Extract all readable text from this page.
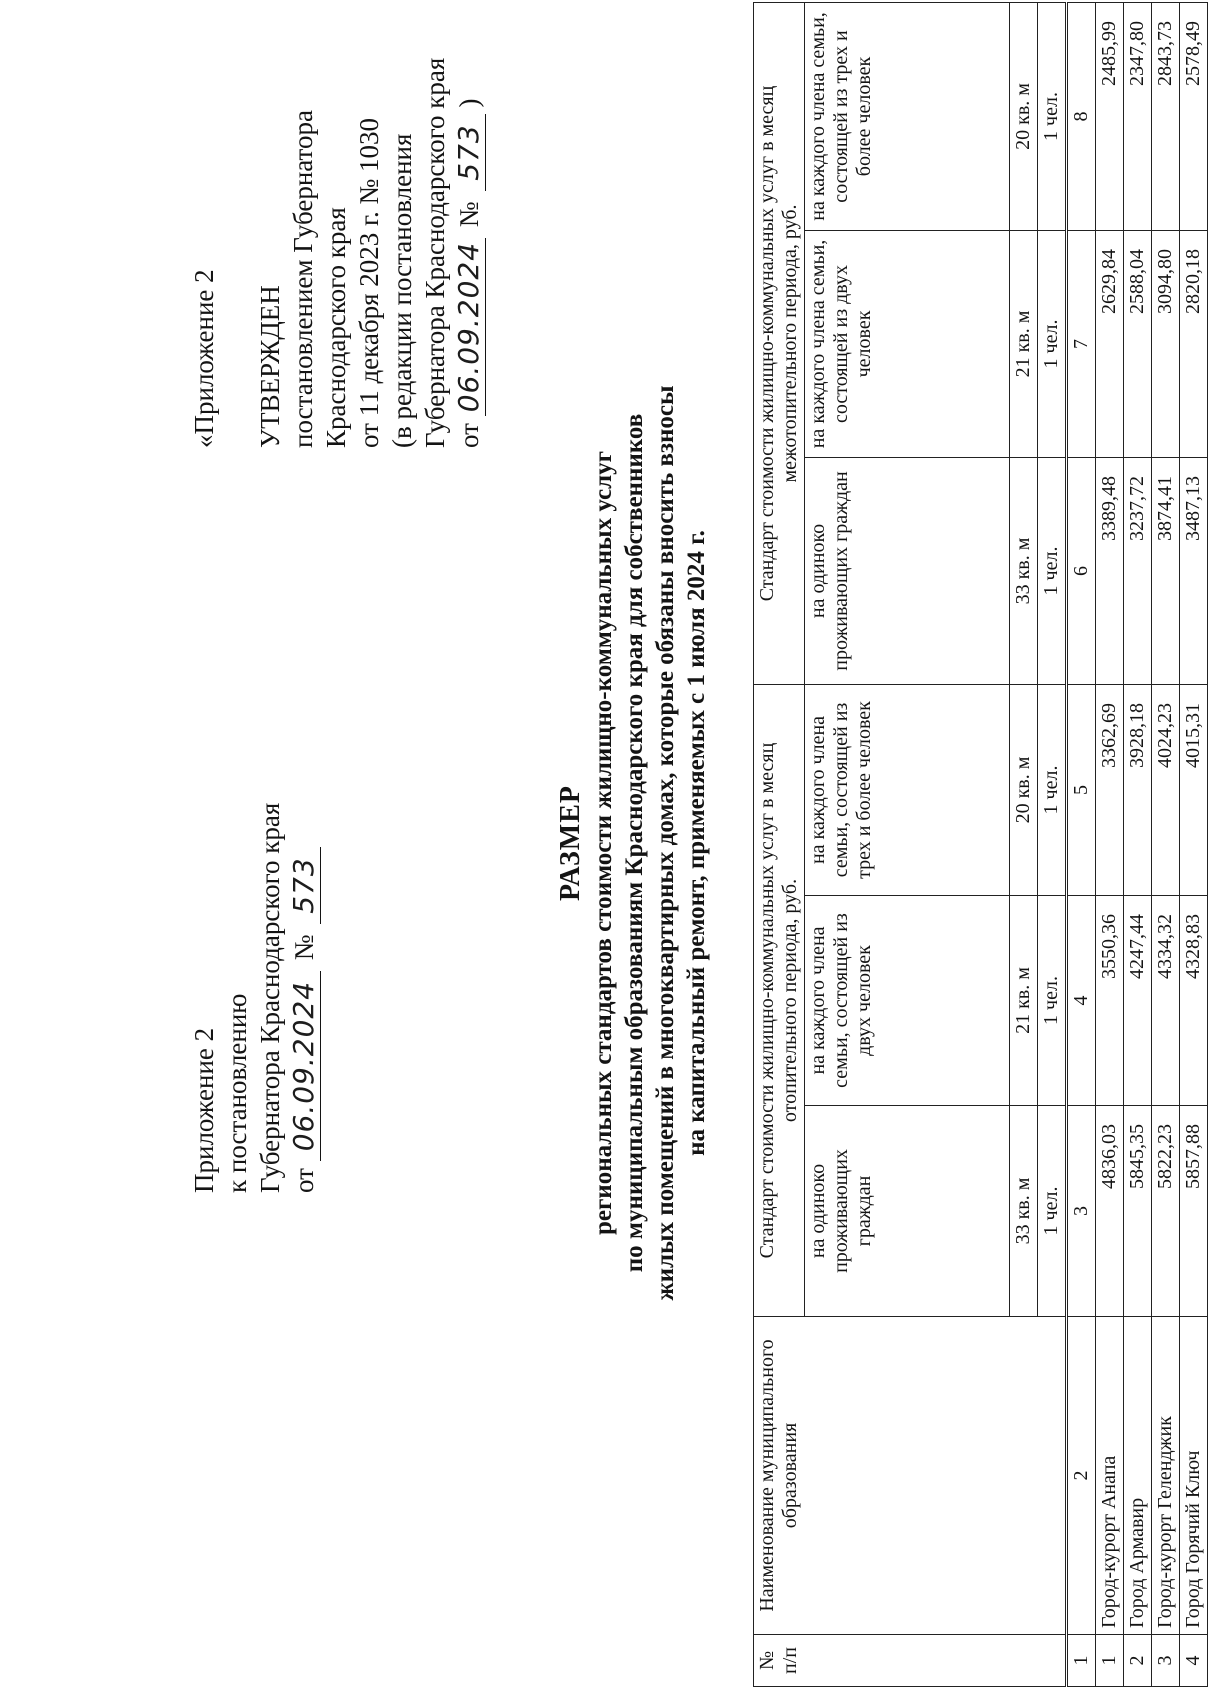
Приложение 2 к постановлению Губернатора Краснодарского края от 06.09.2024 № 573
«Приложение 2
УТВЕРЖДЕН постановлением Губернатора Краснодарского края от 11 декабря 2023 г. № 1030 (в редакции постановления Губернатора Краснодарского края от 06.09.2024 № 573 )
РАЗМЕР региональных стандартов стоимости жилищно-коммунальных услуг по муниципальным образованиям Краснодарского края для собственников жилых помещений в многоквартирных домах, которые обязаны вносить взносы на капитальный ремонт, применяемых с 1 июля 2024 г.
№ п/п	Наименование муниципального образования	Стандарт стоимости жилищно-коммунальных услуг в месяц отопительного периода, руб.			Стандарт стоимости жилищно-коммунальных услуг в месяц межотопительного периода, руб.		
		на одиноко проживающих граждан	на каждого члена семьи, состоящей из двух человек	на каждого члена семьи, состоящей из трех и более человек	на одиноко проживающих граждан	на каждого члена семьи, состоящей из двух человек	на каждого члена семьи, состоящей из трех и более человек
		33 кв. м	21 кв. м	20 кв. м	33 кв. м	21 кв. м	20 кв. м
		1 чел.	1 чел.	1 чел.	1 чел.	1 чел.	1 чел.
1	2	3	4	5	6	7	8
1	Город-курорт Анапа	4836,03	3550,36	3362,69	3389,48	2629,84	2485,99
2	Город Армавир	5845,35	4247,44	3928,18	3237,72	2588,04	2347,80
3	Город-курорт Геленджик	5822,23	4334,32	4024,23	3874,41	3094,80	2843,73
4	Город Горячий Ключ	5857,88	4328,83	4015,31	3487,13	2820,18	2578,49
